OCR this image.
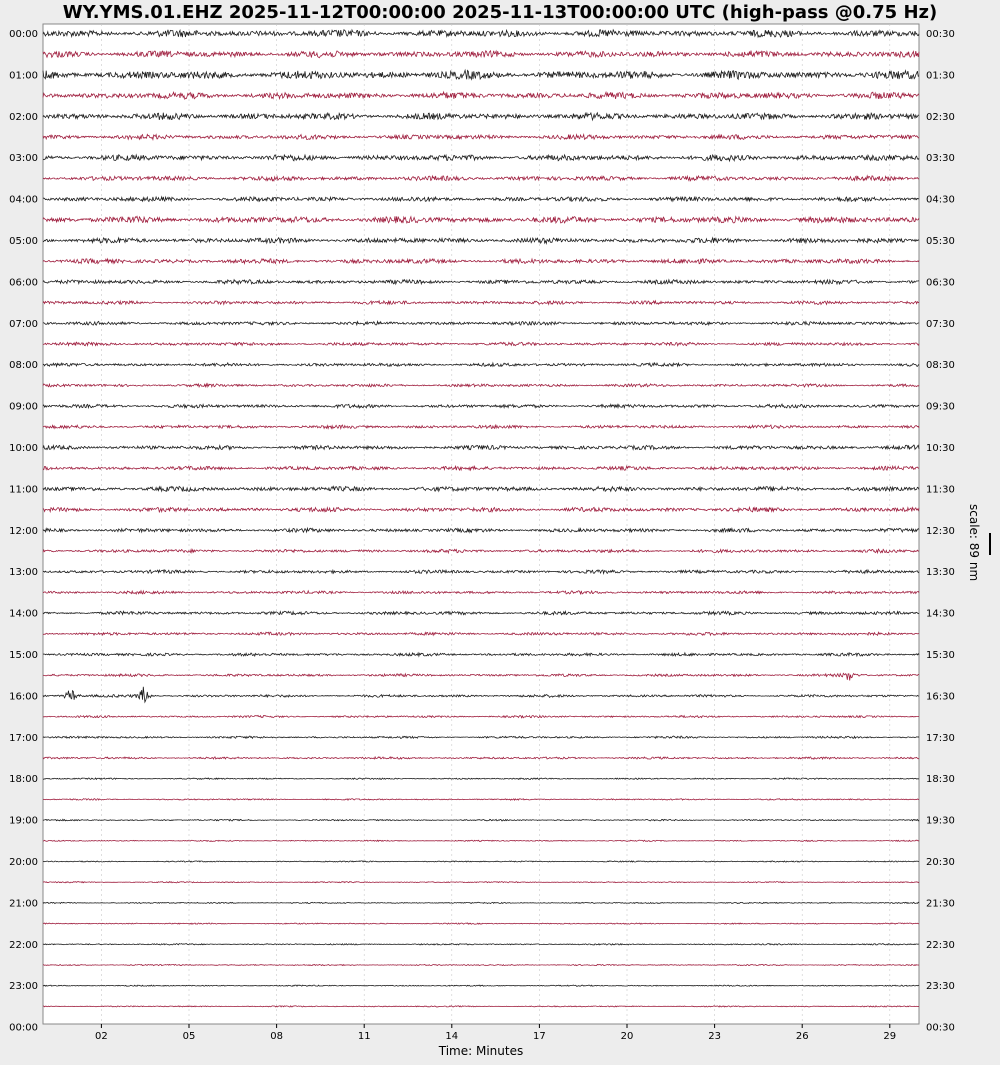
WY.YMS.01.EHZ 2025-11-12T00:00:00 2025-11-13T00:00:00 UTC (high-pass @0.75 Hz)
00:00
01:00
02:00
03:00
04:00
05:00
06:00
07:00
08:00
09:00
10:00
11:00
12:00
13:00
14:00
15:00
16:00
17:00
18:00
19:00
20:00
21:00
22:00
23:00
00:00
00:30
01:30
02:30
03:30
04:30
05:30
06:30
07:30
08:30
09:30
10:30
11:30
12:30
13:30
14:30
15:30
16:30
17:30
18:30
19:30
20:30
21:30
22:30
23:30
00:30
02	05	08	11	14	17	20	23	26	29
Time: Minutes
scale: 89 nm
